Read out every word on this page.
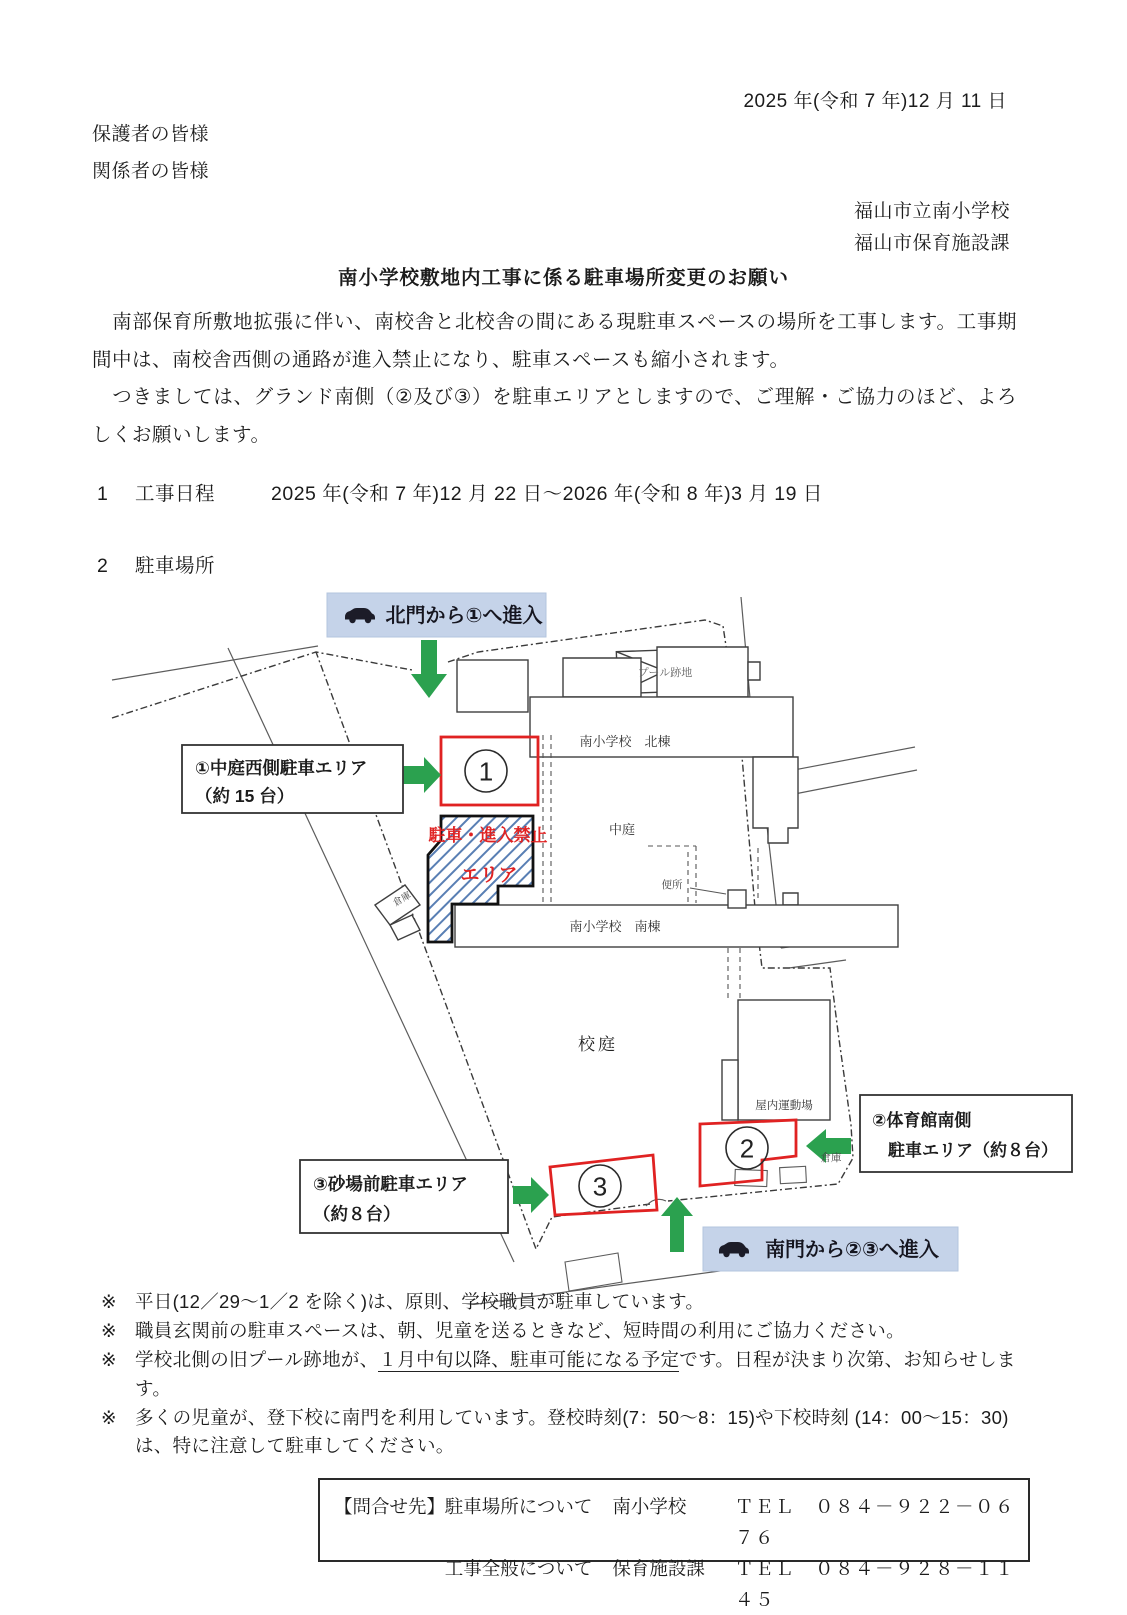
2025 年(令和 7 年)12 月 11 日
保護者の皆様
関係者の皆様
福山市立南小学校
福山市保育施設課
南小学校敷地内工事に係る駐車場所変更のお願い
　南部保育所敷地拡張に伴い、南校舎と北校舎の間にある現駐車スペースの場所を工事します。工事期間中は、南校舎西側の通路が進入禁止になり、駐車スペースも縮小されます。
　つきましては、グランド南側（②及び③）を駐車エリアとしますので、ご理解・ご協力のほど、よろしくお願いします。
1	工事日程	2025 年(令和 7 年)12 月 22 日～2026 年(令和 8 年)3 月 19 日
2	駐車場所
1
2
3
プール跡地
南小学校　北棟
中庭
南小学校　南棟
便所
倉庫
倉庫
屋内運動場
校庭
駐車・進入禁止
エリア
北門から①へ進入
南門から②③へ進入
①中庭西側駐車エリア
（約 15 台）
②体育館南側
駐車エリア（約８台）
③砂場前駐車エリア
（約８台）
※ 平日(12／29～1／2 を除く)は、原則、学校職員が駐車しています。
※ 職員玄関前の駐車スペースは、朝、児童を送るときなど、短時間の利用にご協力ください。
※ 学校北側の旧プール跡地が、１月中旬以降、駐車可能になる予定です。日程が決まり次第、お知らせします。
※ 多くの児童が、登下校に南門を利用しています。登校時刻(7：50～8：15)や下校時刻 (14：00～15：30) は、特に注意して駐車してください。
【問合せ先】 駐車場所について	南小学校	ＴＥＬ　０８４－９２２－０６７６
工事全般について	保育施設課	ＴＥＬ　０８４－９２８－１１４５
